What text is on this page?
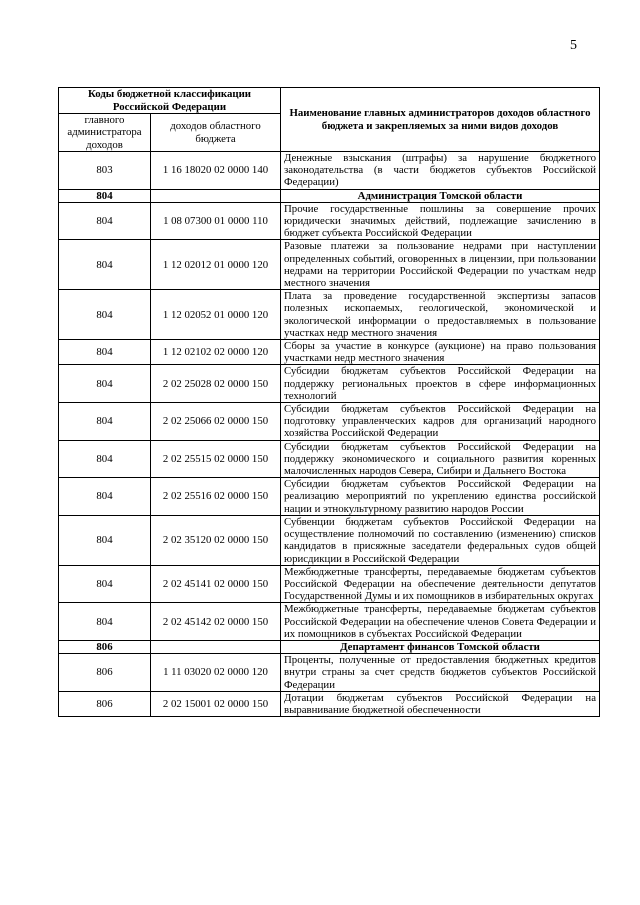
5
Коды бюджетной классификации Российской Федерации		Наименование главных администраторов доходов областного бюджета и закрепляемых за ними видов доходов
главного администратора доходов	доходов областного бюджета	
803	1 16 18020 02 0000 140	Денежные взыскания (штрафы) за нарушение бюджетного законодательства (в части бюджетов субъектов Российской Федерации)
804		Администрация Томской области
804	1 08 07300 01 0000 110	Прочие государственные пошлины за совершение прочих юридически значимых действий, подлежащие зачислению в бюджет субъекта Российской Федерации
804	1 12 02012 01 0000 120	Разовые платежи за пользование недрами при наступлении определенных событий, оговоренных в лицензии, при пользовании недрами на территории Российской Федерации по участкам недр местного значения
804	1 12 02052 01 0000 120	Плата за проведение государственной экспертизы запасов полезных ископаемых, геологической, экономической и экологической информации о предоставляемых в пользование участках недр местного значения
804	1 12 02102 02 0000 120	Сборы за участие в конкурсе (аукционе) на право пользования участками недр местного значения
804	2 02 25028 02 0000 150	Субсидии бюджетам субъектов Российской Федерации на поддержку региональных проектов в сфере информационных технологий
804	2 02 25066 02 0000 150	Субсидии бюджетам субъектов Российской Федерации на подготовку управленческих кадров для организаций народного хозяйства Российской Федерации
804	2 02 25515 02 0000 150	Субсидии бюджетам субъектов Российской Федерации на поддержку экономического и социального развития коренных малочисленных народов Севера, Сибири и Дальнего Востока
804	2 02 25516 02 0000 150	Субсидии бюджетам субъектов Российской Федерации на реализацию мероприятий по укреплению единства российской нации и этнокультурному развитию народов России
804	2 02 35120 02 0000 150	Субвенции бюджетам субъектов Российской Федерации на осуществление полномочий по составлению (изменению) списков кандидатов в присяжные заседатели федеральных судов общей юрисдикции в Российской Федерации
804	2 02 45141 02 0000 150	Межбюджетные трансферты, передаваемые бюджетам субъектов Российской Федерации на обеспечение деятельности депутатов Государственной Думы и их помощников в избирательных округах
804	2 02 45142 02 0000 150	Межбюджетные трансферты, передаваемые бюджетам субъектов Российской Федерации на обеспечение членов Совета Федерации и их помощников в субъектах Российской Федерации
806		Департамент финансов Томской области
806	1 11 03020 02 0000 120	Проценты, полученные от предоставления бюджетных кредитов внутри страны за счет средств бюджетов субъектов Российской Федерации
806	2 02 15001 02 0000 150	Дотации бюджетам субъектов Российской Федерации на выравнивание бюджетной обеспеченности
